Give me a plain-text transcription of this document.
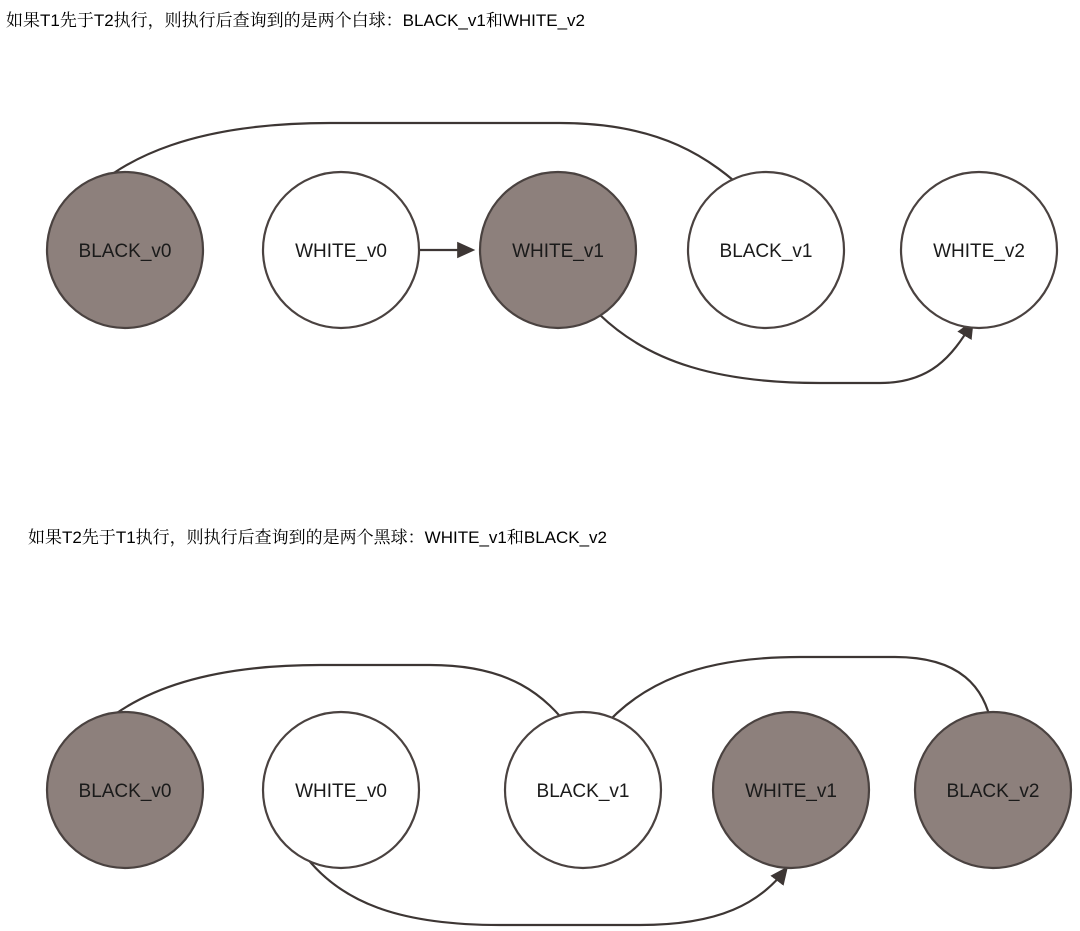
如果T1先于T2执行，则执行后查询到的是两个白球：BLACK_v1和WHITE_v2
BLACK_v0	WHITE_v0	WHITE_v1	BLACK_v1	WHITE_v2
如果T2先于T1执行，则执行后查询到的是两个黑球：WHITE_v1和BLACK_v2
BLACK_v0	WHITE_v0	BLACK_v1	WHITE_v1	BLACK_v2
